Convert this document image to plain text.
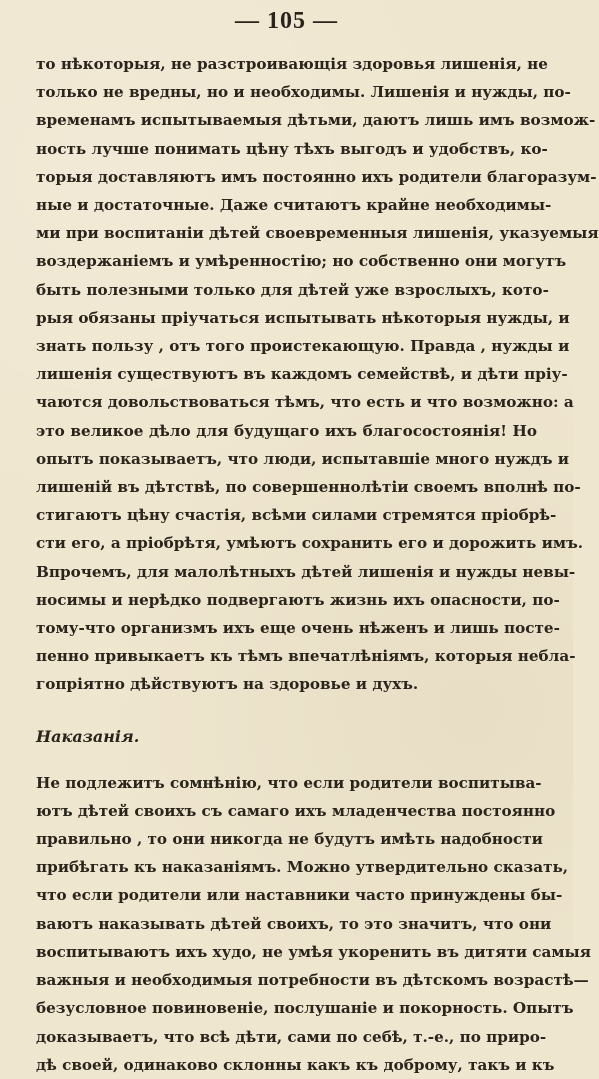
— 105 —
то нѣкоторыя, не разстроивающія здоровья лишенія, не
только не вредны, но и необходимы. Лишенія и нужды, по-
временамъ испытываемыя дѣтьми, даютъ лишь имъ возмож-
ность лучше понимать цѣну тѣхъ выгодъ и удобствъ, ко-
торыя доставляютъ имъ постоянно ихъ родители благоразум-
ные и достаточные. Даже считаютъ крайне необходимы-
ми при воспитаніи дѣтей своевременныя лишенія, указуемыя
воздержаніемъ и умѣренностію; но собственно они могутъ
быть полезными только для дѣтей уже взрослыхъ, кото-
рыя обязаны пріучаться испытывать нѣкоторыя нужды, и
знать пользу , отъ того проистекающую. Правда , нужды и
лишенія существуютъ въ каждомъ семействѣ, и дѣти пріу-
чаются довольствоваться тѣмъ, что есть и что возможно: а
это великое дѣло для будущаго ихъ благосостоянія! Но
опытъ показываетъ, что люди, испытавшіе много нуждъ и
лишеній въ дѣтствѣ, по совершеннолѣтіи своемъ вполнѣ по-
стигаютъ цѣну счастія, всѣми силами стремятся пріобрѣ-
сти его, а пріобрѣтя, умѣютъ сохранить его и дорожить имъ.
Впрочемъ, для малолѣтныхъ дѣтей лишенія и нужды невы-
носимы и нерѣдко подвергаютъ жизнь ихъ опасности, по-
тому-что организмъ ихъ еще очень нѣженъ и лишь посте-
пенно привыкаетъ къ тѣмъ впечатлѣніямъ, которыя небла-
гопріятно дѣйствуютъ на здоровье и духъ.
Наказанія.
Не подлежитъ сомнѣнію, что если родители воспитыва-
ютъ дѣтей своихъ съ самаго ихъ младенчества постоянно
правильно , то они никогда не будутъ имѣть надобности
прибѣгать къ наказаніямъ. Можно утвердительно сказать,
что если родители или наставники часто принуждены бы-
ваютъ наказывать дѣтей своихъ, то это значитъ, что они
воспитываютъ ихъ худо, не умѣя укоренить въ дитяти самыя
важныя и необходимыя потребности въ дѣтскомъ возрастѣ—
безусловное повиновеніе, послушаніе и покорность. Опытъ
доказываетъ, что всѣ дѣти, сами по себѣ, т.-е., по приро-
дѣ своей, одинаково склонны какъ къ доброму, такъ и къ
